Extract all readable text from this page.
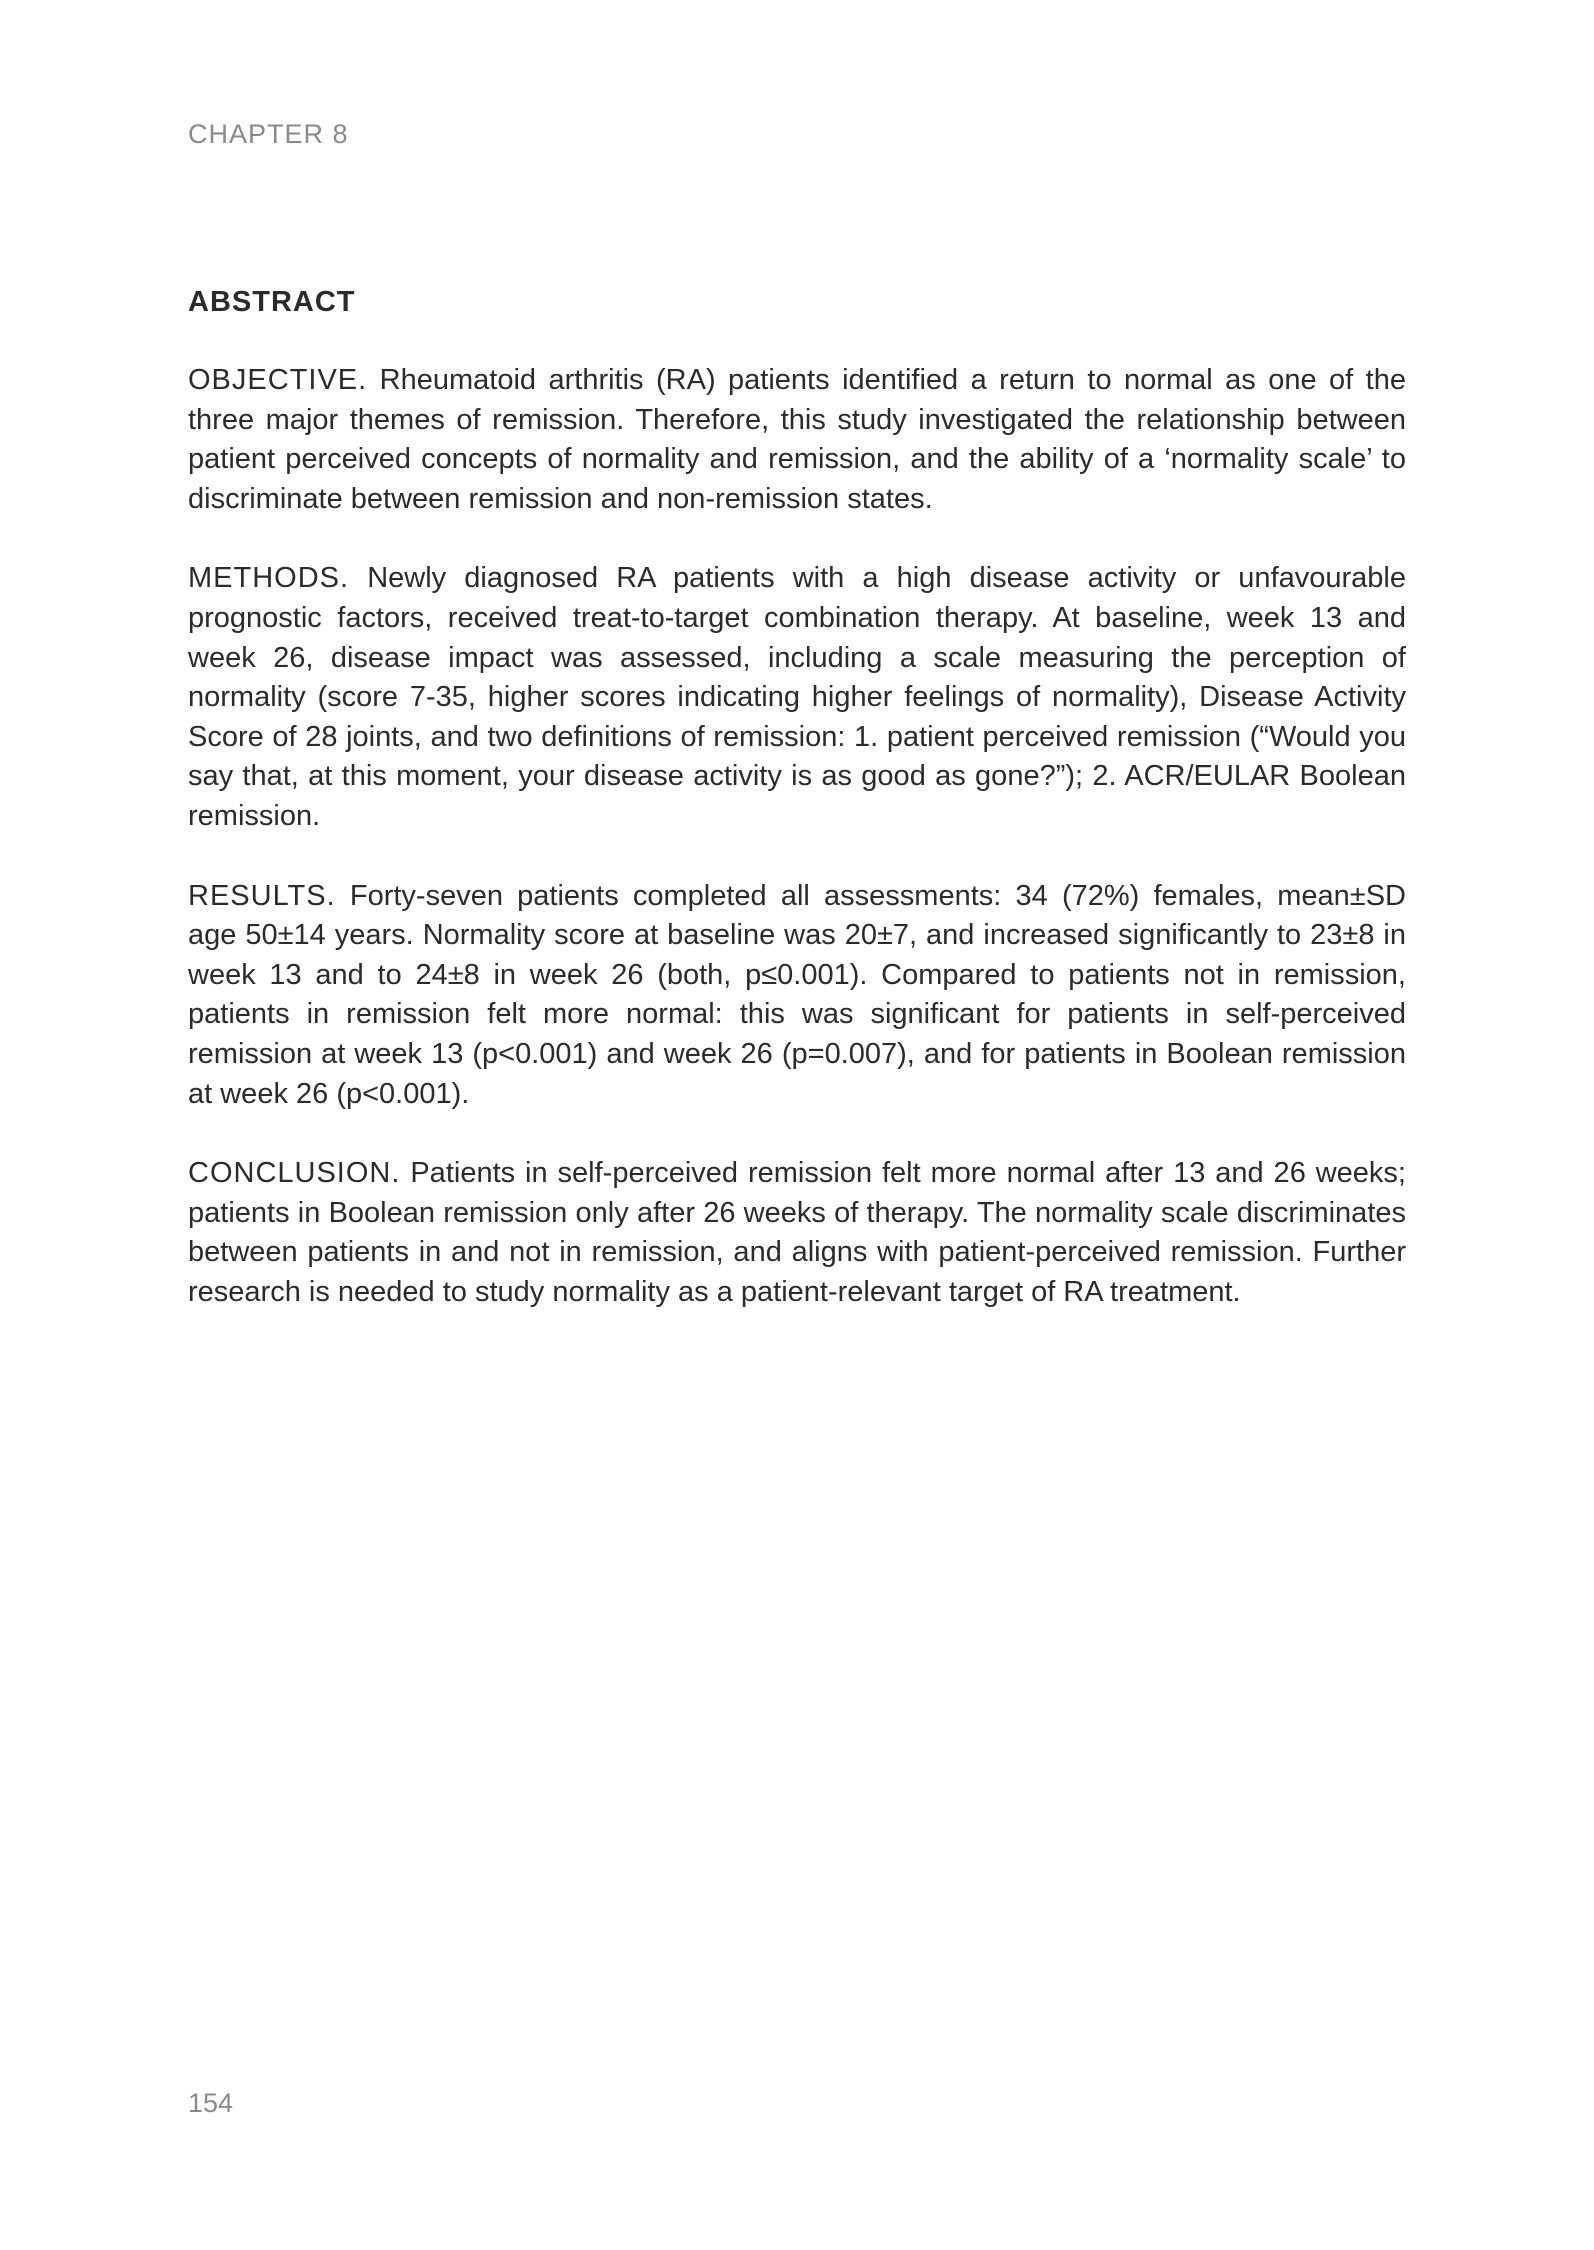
CHAPTER 8
ABSTRACT

OBJECTIVE. Rheumatoid arthritis (RA) patients identified a return to normal as one of the three major themes of remission. Therefore, this study investigated the relationship between patient perceived concepts of normality and remission, and the ability of a ‘normality scale’ to discriminate between remission and non-remission states.

METHODS. Newly diagnosed RA patients with a high disease activity or unfavourable prognostic factors, received treat-to-target combination therapy. At baseline, week 13 and week 26, disease impact was assessed, including a scale measuring the perception of normality (score 7-35, higher scores indicating higher feelings of normality), Disease Activity Score of 28 joints, and two definitions of remission: 1. patient perceived remission (“Would you say that, at this moment, your disease activity is as good as gone?”); 2. ACR/EULAR Boolean remission.

RESULTS. Forty-seven patients completed all assessments: 34 (72%) females, mean±SD age 50±14 years. Normality score at baseline was 20±7, and increased significantly to 23±8 in week 13 and to 24±8 in week 26 (both, p≤0.001). Compared to patients not in remission, patients in remission felt more normal: this was significant for patients in self-perceived remission at week 13 (p<0.001) and week 26 (p=0.007), and for patients in Boolean remission at week 26 (p<0.001).

CONCLUSION. Patients in self-perceived remission felt more normal after 13 and 26 weeks; patients in Boolean remission only after 26 weeks of therapy. The normality scale discriminates between patients in and not in remission, and aligns with patient-perceived remission. Further research is needed to study normality as a patient-relevant target of RA treatment.

154
